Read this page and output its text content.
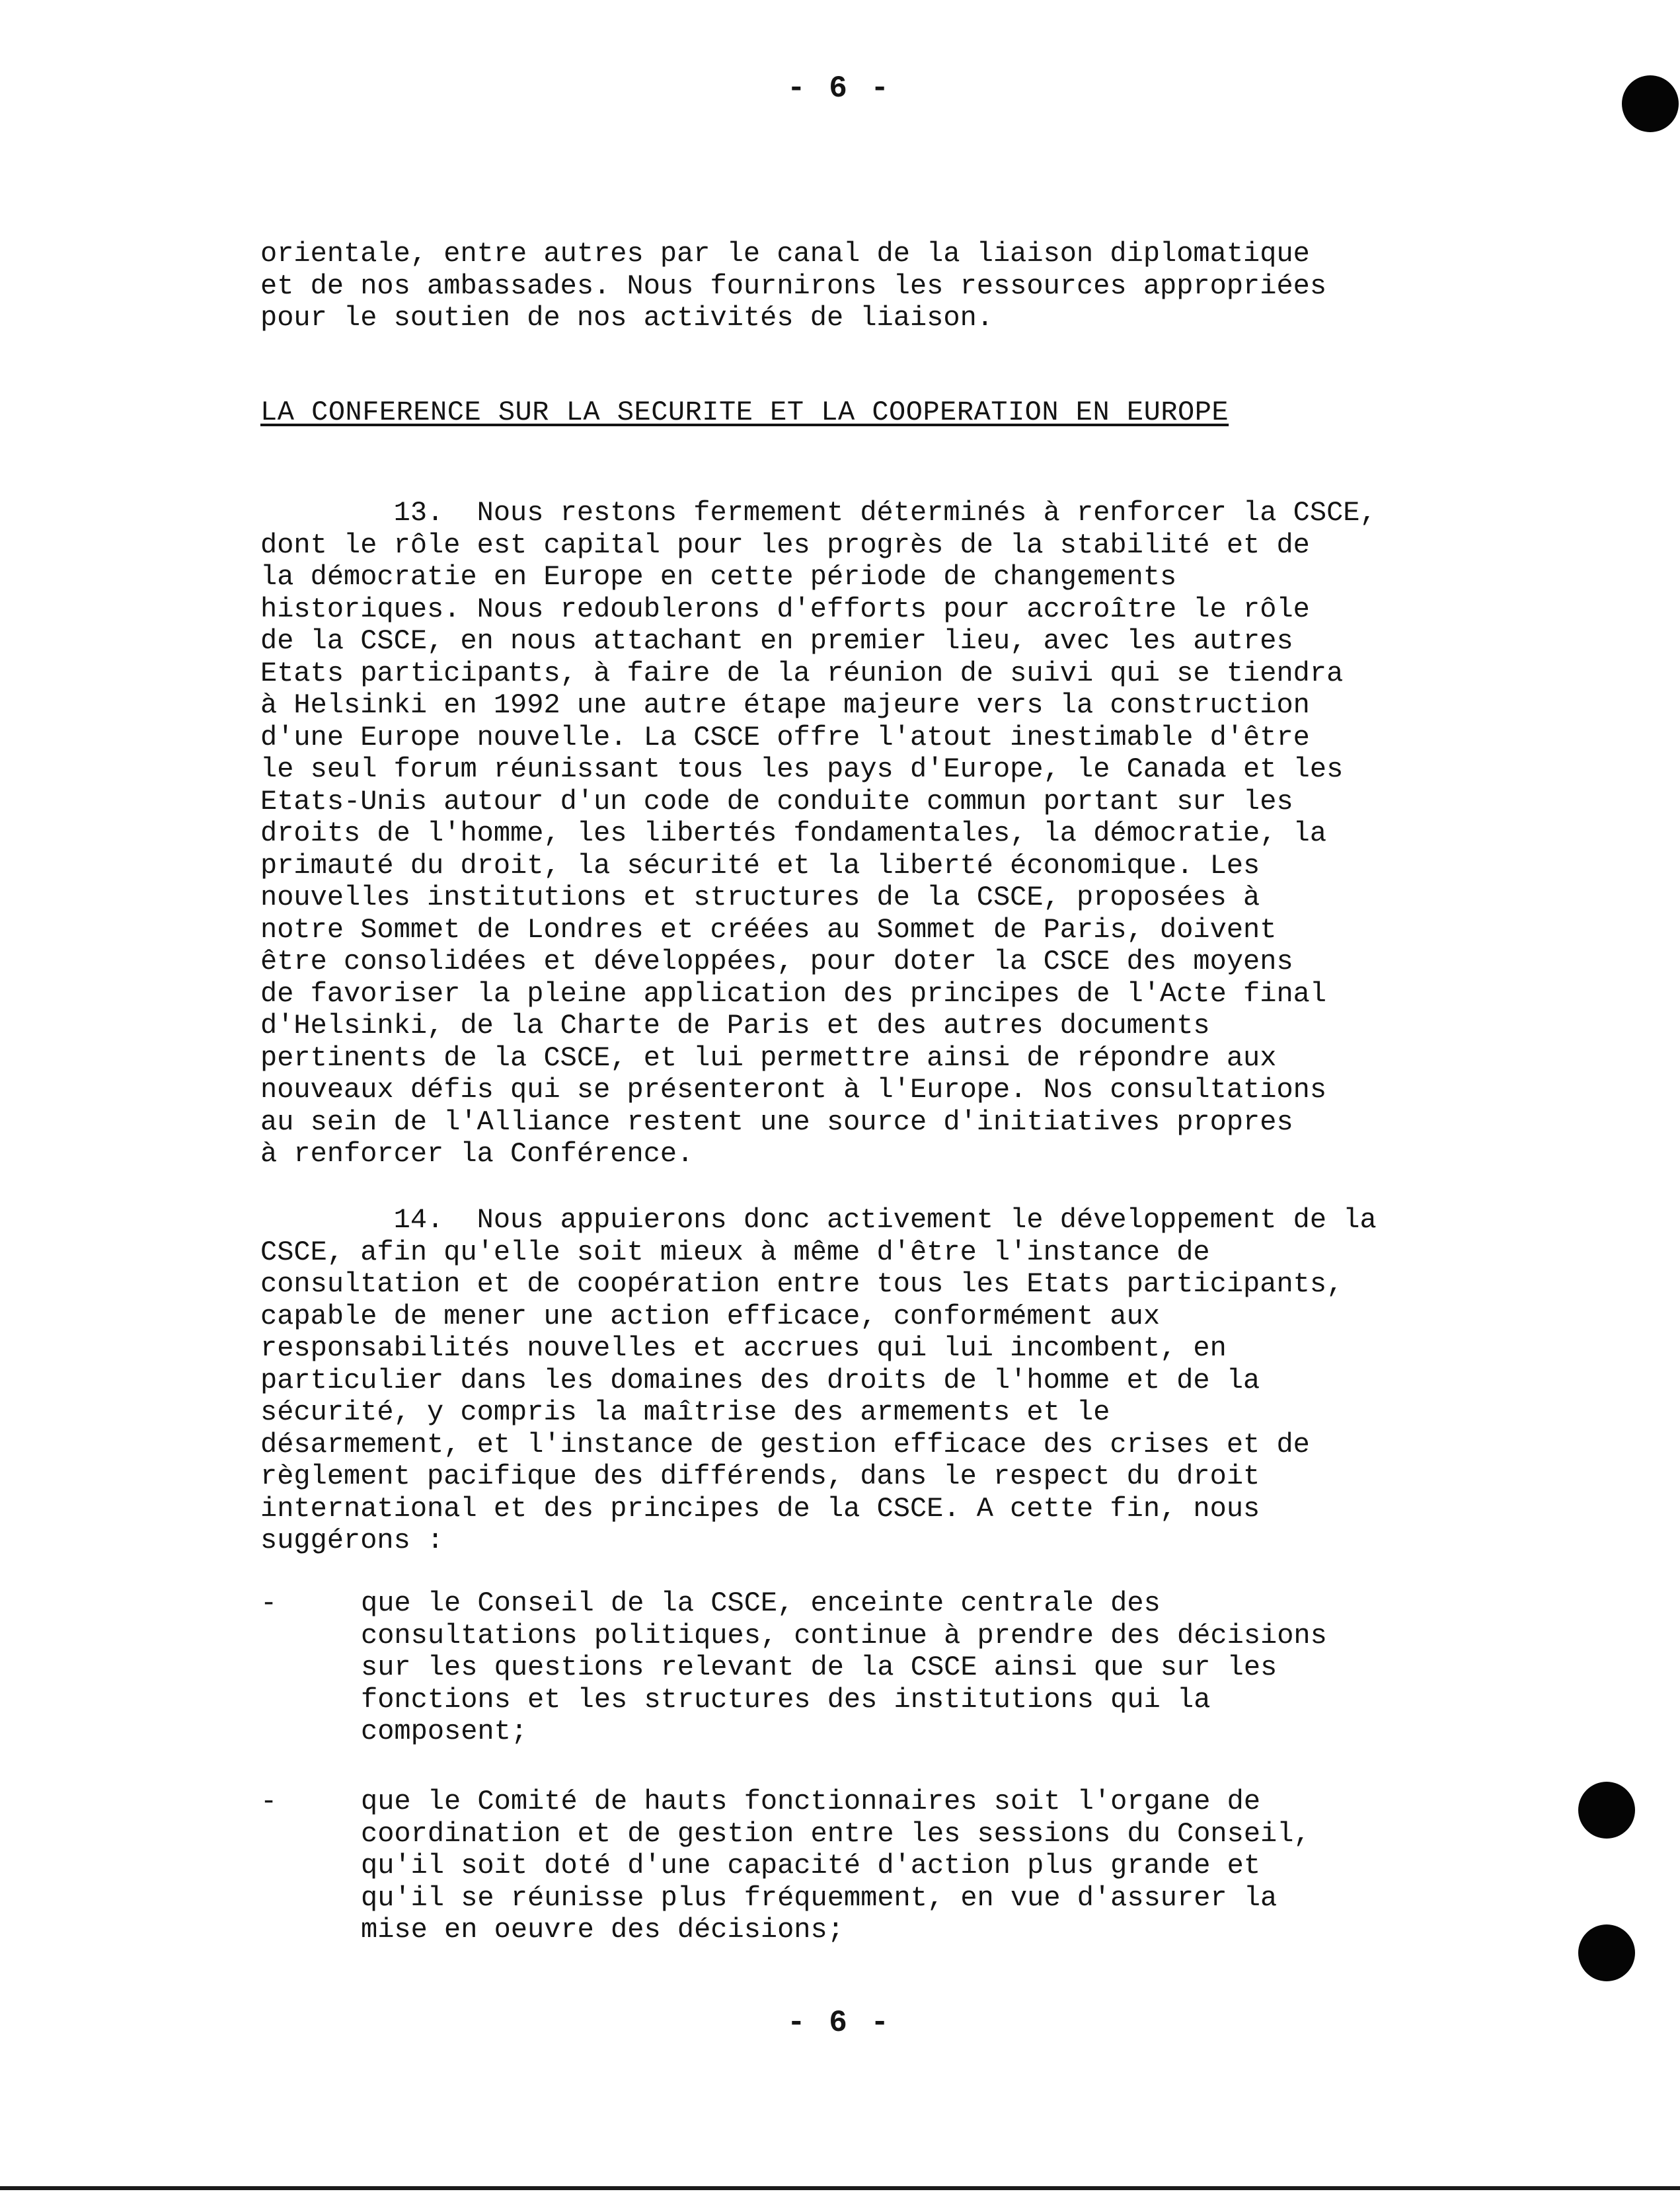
- 6 -
orientale, entre autres par le canal de la liaison diplomatique
et de nos ambassades. Nous fournirons les ressources appropriées
pour le soutien de nos activités de liaison.
LA CONFERENCE SUR LA SECURITE ET LA COOPERATION EN EUROPE
13.  Nous restons fermement déterminés à renforcer la CSCE,
dont le rôle est capital pour les progrès de la stabilité et de
la démocratie en Europe en cette période de changements
historiques. Nous redoublerons d'efforts pour accroître le rôle
de la CSCE, en nous attachant en premier lieu, avec les autres
Etats participants, à faire de la réunion de suivi qui se tiendra
à Helsinki en 1992 une autre étape majeure vers la construction
d'une Europe nouvelle. La CSCE offre l'atout inestimable d'être
le seul forum réunissant tous les pays d'Europe, le Canada et les
Etats-Unis autour d'un code de conduite commun portant sur les
droits de l'homme, les libertés fondamentales, la démocratie, la
primauté du droit, la sécurité et la liberté économique. Les
nouvelles institutions et structures de la CSCE, proposées à
notre Sommet de Londres et créées au Sommet de Paris, doivent
être consolidées et développées, pour doter la CSCE des moyens
de favoriser la pleine application des principes de l'Acte final
d'Helsinki, de la Charte de Paris et des autres documents
pertinents de la CSCE, et lui permettre ainsi de répondre aux
nouveaux défis qui se présenteront à l'Europe. Nos consultations
au sein de l'Alliance restent une source d'initiatives propres
à renforcer la Conférence.
14.  Nous appuierons donc activement le développement de la
CSCE, afin qu'elle soit mieux à même d'être l'instance de
consultation et de coopération entre tous les Etats participants,
capable de mener une action efficace, conformément aux
responsabilités nouvelles et accrues qui lui incombent, en
particulier dans les domaines des droits de l'homme et de la
sécurité, y compris la maîtrise des armements et le
désarmement, et l'instance de gestion efficace des crises et de
règlement pacifique des différends, dans le respect du droit
international et des principes de la CSCE. A cette fin, nous
suggérons :
-	que le Conseil de la CSCE, enceinte centrale des
consultations politiques, continue à prendre des décisions
sur les questions relevant de la CSCE ainsi que sur les
fonctions et les structures des institutions qui la
composent;
-	que le Comité de hauts fonctionnaires soit l'organe de
coordination et de gestion entre les sessions du Conseil,
qu'il soit doté d'une capacité d'action plus grande et
qu'il se réunisse plus fréquemment, en vue d'assurer la
mise en oeuvre des décisions;
- 6 -
